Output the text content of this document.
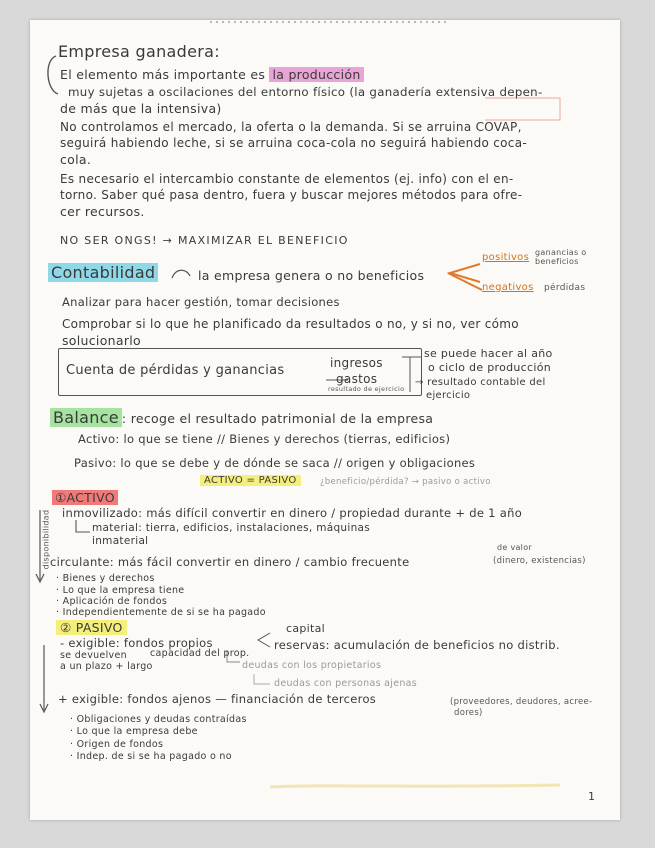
Empresa ganadera:
El elemento más importante es la producción
muy sujetas a oscilaciones del entorno físico (la ganadería extensiva depen-
de más que la intensiva)
No controlamos el mercado, la oferta o la demanda. Si se arruina COVAP,
seguirá habiendo leche, si se arruina coca-cola no seguirá habiendo coca-
cola.
Es necesario el intercambio constante de elementos (ej. info) con el en-
torno. Saber qué pasa dentro, fuera y buscar mejores métodos para ofre-
cer recursos.
NO SER ONGS! → MAXIMIZAR EL BENEFICIO
Contabilidad	la empresa genera o no beneficios
positivos ganancias o beneficios
negativos pérdidas
Analizar para hacer gestión, tomar decisiones
Comprobar si lo que he planificado da resultados o no, y si no, ver cómo
solucionarlo
Cuenta de pérdidas y ganancias	ingresos
gastos
resultado de ejercicio
se puede hacer al año
o ciclo de producción
→ resultado contable del
ejercicio
Balance : recoge el resultado patrimonial de la empresa
Activo: lo que se tiene // Bienes y derechos (tierras, edificios)
Pasivo: lo que se debe y de dónde se saca // origen y obligaciones
ACTIVO = PASIVO	¿beneficio/pérdida? → pasivo o activo
①ACTIVO
disponibilidad inmovilizado: más difícil convertir en dinero / propiedad durante + de 1 año
material: tierra, edificios, instalaciones, máquinas
inmaterial
circulante: más fácil convertir en dinero / cambio frecuente
de valor
(dinero, existencias)
· Bienes y derechos
· Lo que la empresa tiene
· Aplicación de fondos
· Independientemente de si se ha pagado
② PASIVO	capital
- exigible: fondos propios	reservas: acumulación de beneficios no distrib.
se devuelven capacidad del prop.
a un plazo + largo	deudas con los propietarios
deudas con personas ajenas
+ exigible: fondos ajenos — financiación de terceros	(proveedores, deudores, acree-
dores)
· Obligaciones y deudas contraídas
· Lo que la empresa debe
· Origen de fondos
· Indep. de si se ha pagado o no
1
